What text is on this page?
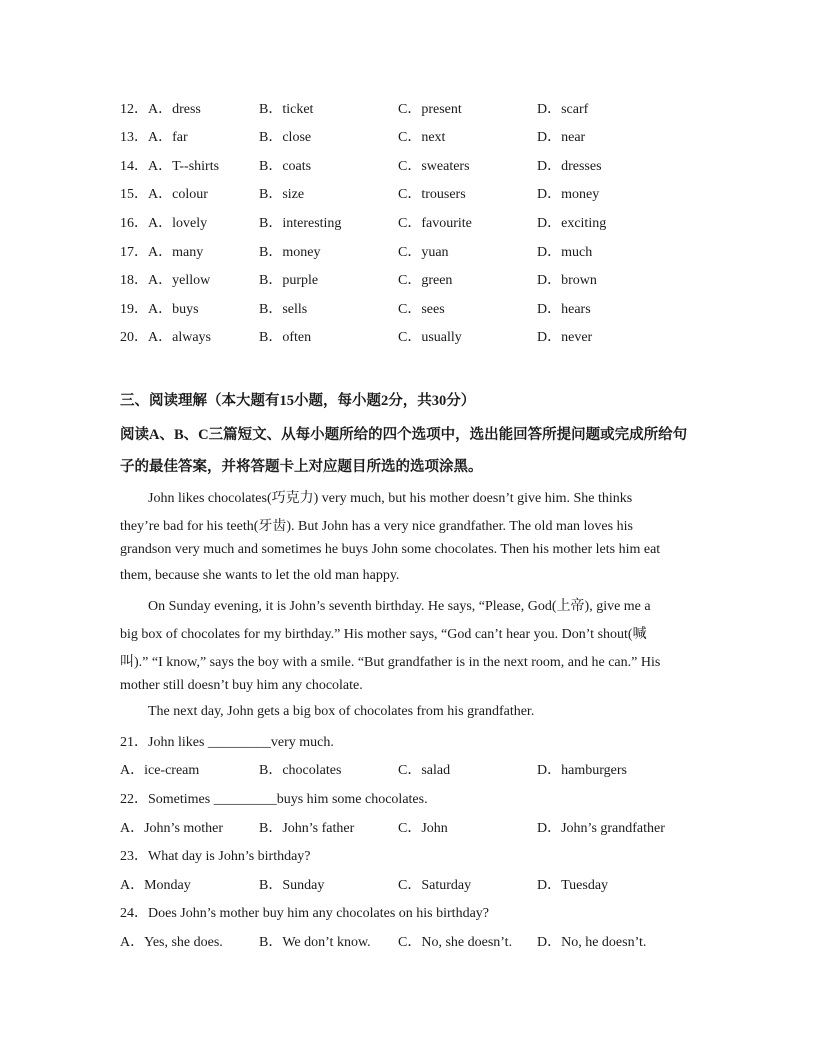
12． A．dress	B．ticket	C．present	D．scarf
13． A．far	B．close	C．next	D．near
14． A．T--shirts	B．coats	C．sweaters	D．dresses
15． A．colour	B．size	C．trousers	D．money
16． A．lovely	B．interesting	C．favourite	D．exciting
17． A．many	B．money	C．yuan	D．much
18． A．yellow	B．purple	C．green	D．brown
19． A．buys	B．sells	C．sees	D．hears
20． A．always	B．often	C．usually	D．never
三、阅读理解（本大题有15小题，每小题2分，共30分）
阅读A、B、C三篇短文、从每小题所给的四个选项中，选出能回答所提问题或完成所给句
子的最佳答案，并将答题卡上对应题目所选的选项涂黑。
John likes chocolates(巧克力) very much, but his mother doesn’t give him. She thinks
they’re bad for his teeth(牙齿). But John has a very nice grandfather. The old man loves his
grandson very much and sometimes he buys John some chocolates. Then his mother lets him eat
them, because she wants to let the old man happy.
On Sunday evening, it is John’s seventh birthday. He says, “Please, God(上帝), give me a
big box of chocolates for my birthday.” His mother says, “God can’t hear you. Don’t shout(喊
叫).” “I know,” says the boy with a smile. “But grandfather is in the next room, and he can.” His
mother still doesn’t buy him any chocolate.
The next day, John gets a big box of chocolates from his grandfather.
21．John likes _________very much.
A．ice-cream	B．chocolates	C．salad	D．hamburgers
22．Sometimes _________buys him some chocolates.
A．John’s mother	B．John’s father	C．John	D．John’s grandfather
23．What day is John’s birthday?
A．Monday	B．Sunday	C．Saturday	D．Tuesday
24．Does John’s mother buy him any chocolates on his birthday?
A．Yes, she does.	B．We don’t know. C．No, she doesn’t. D．No, he doesn’t.
